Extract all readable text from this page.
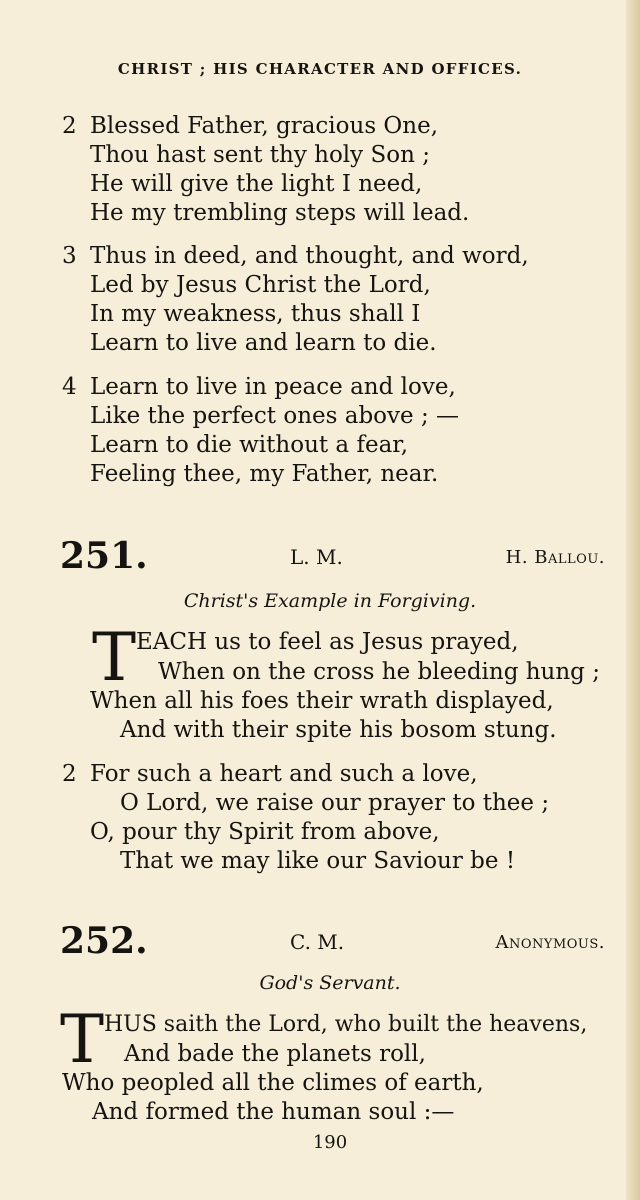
CHRIST ; HIS CHARACTER AND OFFICES.
2 Blessed Father, gracious One,
Thou hast sent thy holy Son ;
He will give the light I need,
He my trembling steps will lead.
3 Thus in deed, and thought, and word,
Led by Jesus Christ the Lord,
In my weakness, thus shall I
Learn to live and learn to die.
4 Learn to live in peace and love,
Like the perfect ones above ; —
Learn to die without a fear,
Feeling thee, my Father, near.
251.	L. M.	H. Ballou.
Christ's Example in Forgiving.
T EACH us to feel as Jesus prayed,
When on the cross he bleeding hung ;
When all his foes their wrath displayed,
And with their spite his bosom stung.
2 For such a heart and such a love,
O Lord, we raise our prayer to thee ;
O, pour thy Spirit from above,
That we may like our Saviour be !
252.	C. M.	Anonymous.
God's Servant.
T HUS saith the Lord, who built the heavens,
And bade the planets roll,
Who peopled all the climes of earth,
And formed the human soul :—
190
